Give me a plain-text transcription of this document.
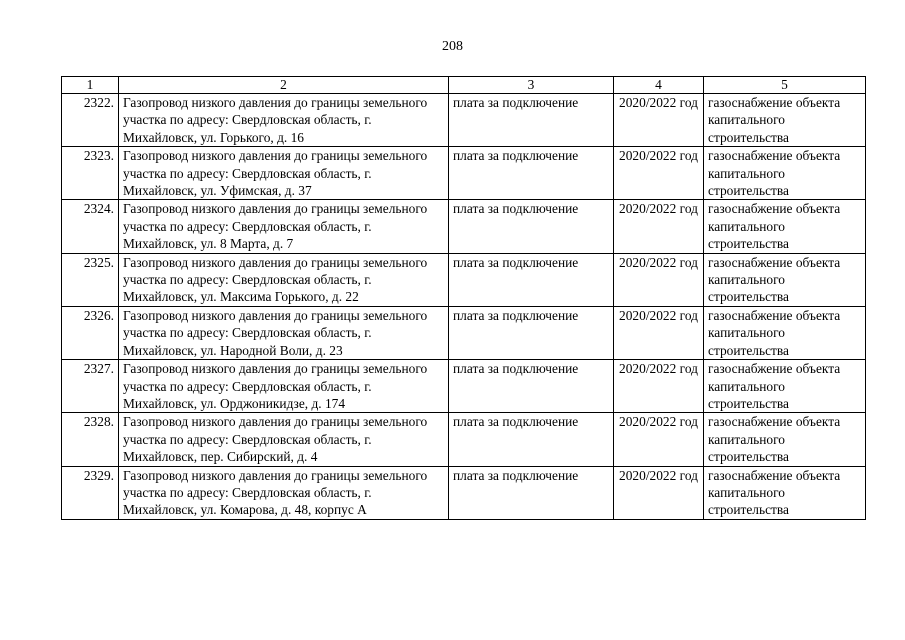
208
1	2	3	4	5
2322.	Газопровод низкого давления до границы земельного участка по адресу: Свердловская область, г. Михайловск, ул. Горького, д. 16	плата за подключение	2020/2022 год	газоснабжение объекта капитального строительства
2323.	Газопровод низкого давления до границы земельного участка по адресу: Свердловская область, г. Михайловск, ул. Уфимская, д. 37	плата за подключение	2020/2022 год	газоснабжение объекта капитального строительства
2324.	Газопровод низкого давления до границы земельного участка по адресу: Свердловская область, г. Михайловск, ул. 8 Марта, д. 7	плата за подключение	2020/2022 год	газоснабжение объекта капитального строительства
2325.	Газопровод низкого давления до границы земельного участка по адресу: Свердловская область, г. Михайловск, ул. Максима Горького, д. 22	плата за подключение	2020/2022 год	газоснабжение объекта капитального строительства
2326.	Газопровод низкого давления до границы земельного участка по адресу: Свердловская область, г. Михайловск, ул. Народной Воли, д. 23	плата за подключение	2020/2022 год	газоснабжение объекта капитального строительства
2327.	Газопровод низкого давления до границы земельного участка по адресу: Свердловская область, г. Михайловск, ул. Орджоникидзе, д. 174	плата за подключение	2020/2022 год	газоснабжение объекта капитального строительства
2328.	Газопровод низкого давления до границы земельного участка по адресу: Свердловская область, г. Михайловск, пер. Сибирский, д. 4	плата за подключение	2020/2022 год	газоснабжение объекта капитального строительства
2329.	Газопровод низкого давления до границы земельного участка по адресу: Свердловская область, г. Михайловск, ул. Комарова, д. 48, корпус А	плата за подключение	2020/2022 год	газоснабжение объекта капитального строительства
